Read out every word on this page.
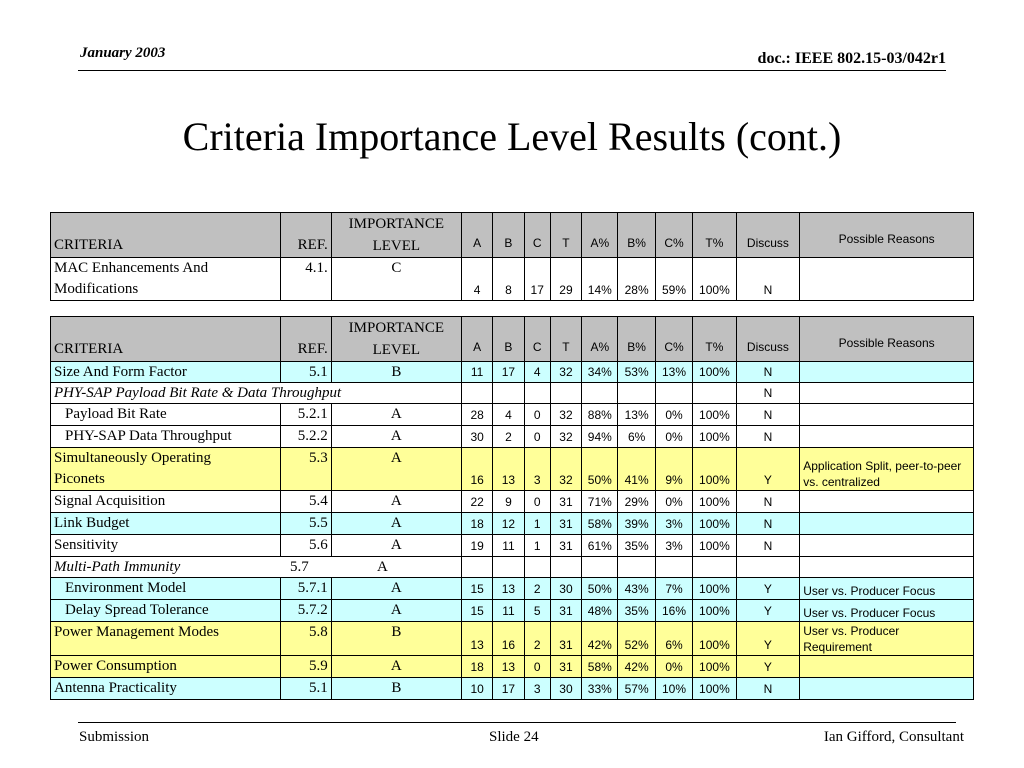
January 2003	doc.: IEEE 802.15-03/042r1
Criteria Importance Level Results (cont.)
CRITERIA	REF.	IMPORTANCE
LEVEL	A	B	C	T	A%	B%	C%	T%	Discuss	Possible Reasons
MAC Enhancements And
Modifications	4.1.	C	4	8	17	29	14%	28%	59%	100%	N	
CRITERIA	REF.	IMPORTANCE
LEVEL	A	B	C	T	A%	B%	C%	T%	Discuss	Possible Reasons
Size And Form Factor	5.1	B	11	17	4	32	34%	53%	13%	100%	N	
PHY-SAP Payload Bit Rate & Data Throughput											N	
Payload Bit Rate	5.2.1	A	28	4	0	32	88%	13%	0%	100%	N	
PHY-SAP Data Throughput	5.2.2	A	30	2	0	32	94%	6%	0%	100%	N	
Simultaneously Operating
Piconets	5.3	A	16	13	3	32	50%	41%	9%	100%	Y	Application Split, peer-to-peer vs. centralized
Signal Acquisition	5.4	A	22	9	0	31	71%	29%	0%	100%	N	
Link Budget	5.5	A	18	12	1	31	58%	39%	3%	100%	N	
Sensitivity	5.6	A	19	11	1	31	61%	35%	3%	100%	N	
Multi-Path Immunity 5.7 A												

Environment Model	5.7.1	A	15	13	2	30	50%	43%	7%	100%	Y	User vs. Producer Focus
Delay Spread Tolerance	5.7.2	A	15	11	5	31	48%	35%	16%	100%	Y	User vs. Producer Focus
Power Management Modes	5.8	B	13	16	2	31	42%	52%	6%	100%	Y	User vs. Producer Requirement
Power Consumption	5.9	A	18	13	0	31	58%	42%	0%	100%	Y	
Antenna Practicality	5.1	B	10	17	3	30	33%	57%	10%	100%	N	
Submission	Slide 24	Ian Gifford, Consultant
